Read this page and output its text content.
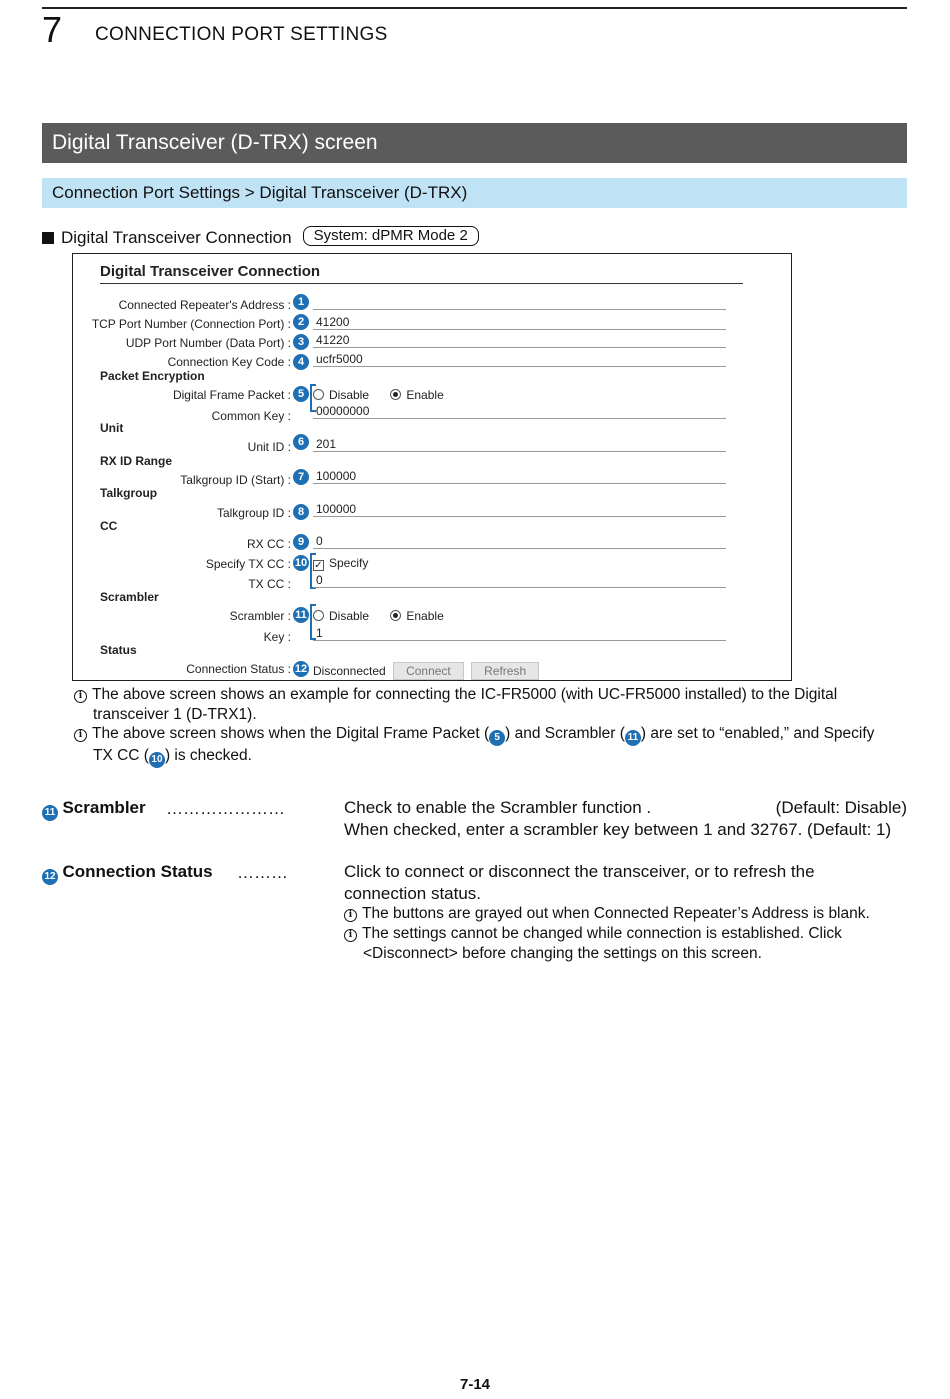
7 CONNECTION PORT SETTINGS
Digital Transceiver (D-TRX) screen
Connection Port Settings > Digital Transceiver (D-TRX)
Digital Transceiver Connection	System: dPMR Mode 2
Digital Transceiver Connection
Connected Repeater's Address : 1
TCP Port Number (Connection Port) : 2 41200
UDP Port Number (Data Port) : 3 41220
Connection Key Code : 4 ucfr5000
Packet Encryption
Digital Frame Packet : 5	Disable	Enable
Common Key : 00000000
Unit
Unit ID : 6 201
RX ID Range
Talkgroup ID (Start) : 7 100000
Talkgroup
Talkgroup ID : 8 100000
CC
RX CC : 9 0
Specify TX CC : 10 ✓ Specify
TX CC : 0
Scrambler
Scrambler : 11	Disable	Enable
Key : 1
Status
Connection Status : 12 Disconnected Connect	Refresh
i The above screen shows an example for connecting the IC-FR5000 (with UC-FR5000 installed) to the Digital
transceiver 1 (D-TRX1).
i The above screen shows when the Digital Frame Packet ( 5 ) and Scrambler ( 11 ) are set to “enabled,” and Specify
TX CC ( 10 ) is checked.
11 Scrambler …………………	Check to enable the Scrambler function .	(Default: Disable)
When checked, enter a scrambler key between 1 and 32767. (Default: 1)
12 Connection Status ………	Click to connect or disconnect the transceiver, or to refresh the
connection status.
i The buttons are grayed out when Connected Repeater’s Address is blank.
i The settings cannot be changed while connection is established. Click
<Disconnect> before changing the settings on this screen.
7-14
